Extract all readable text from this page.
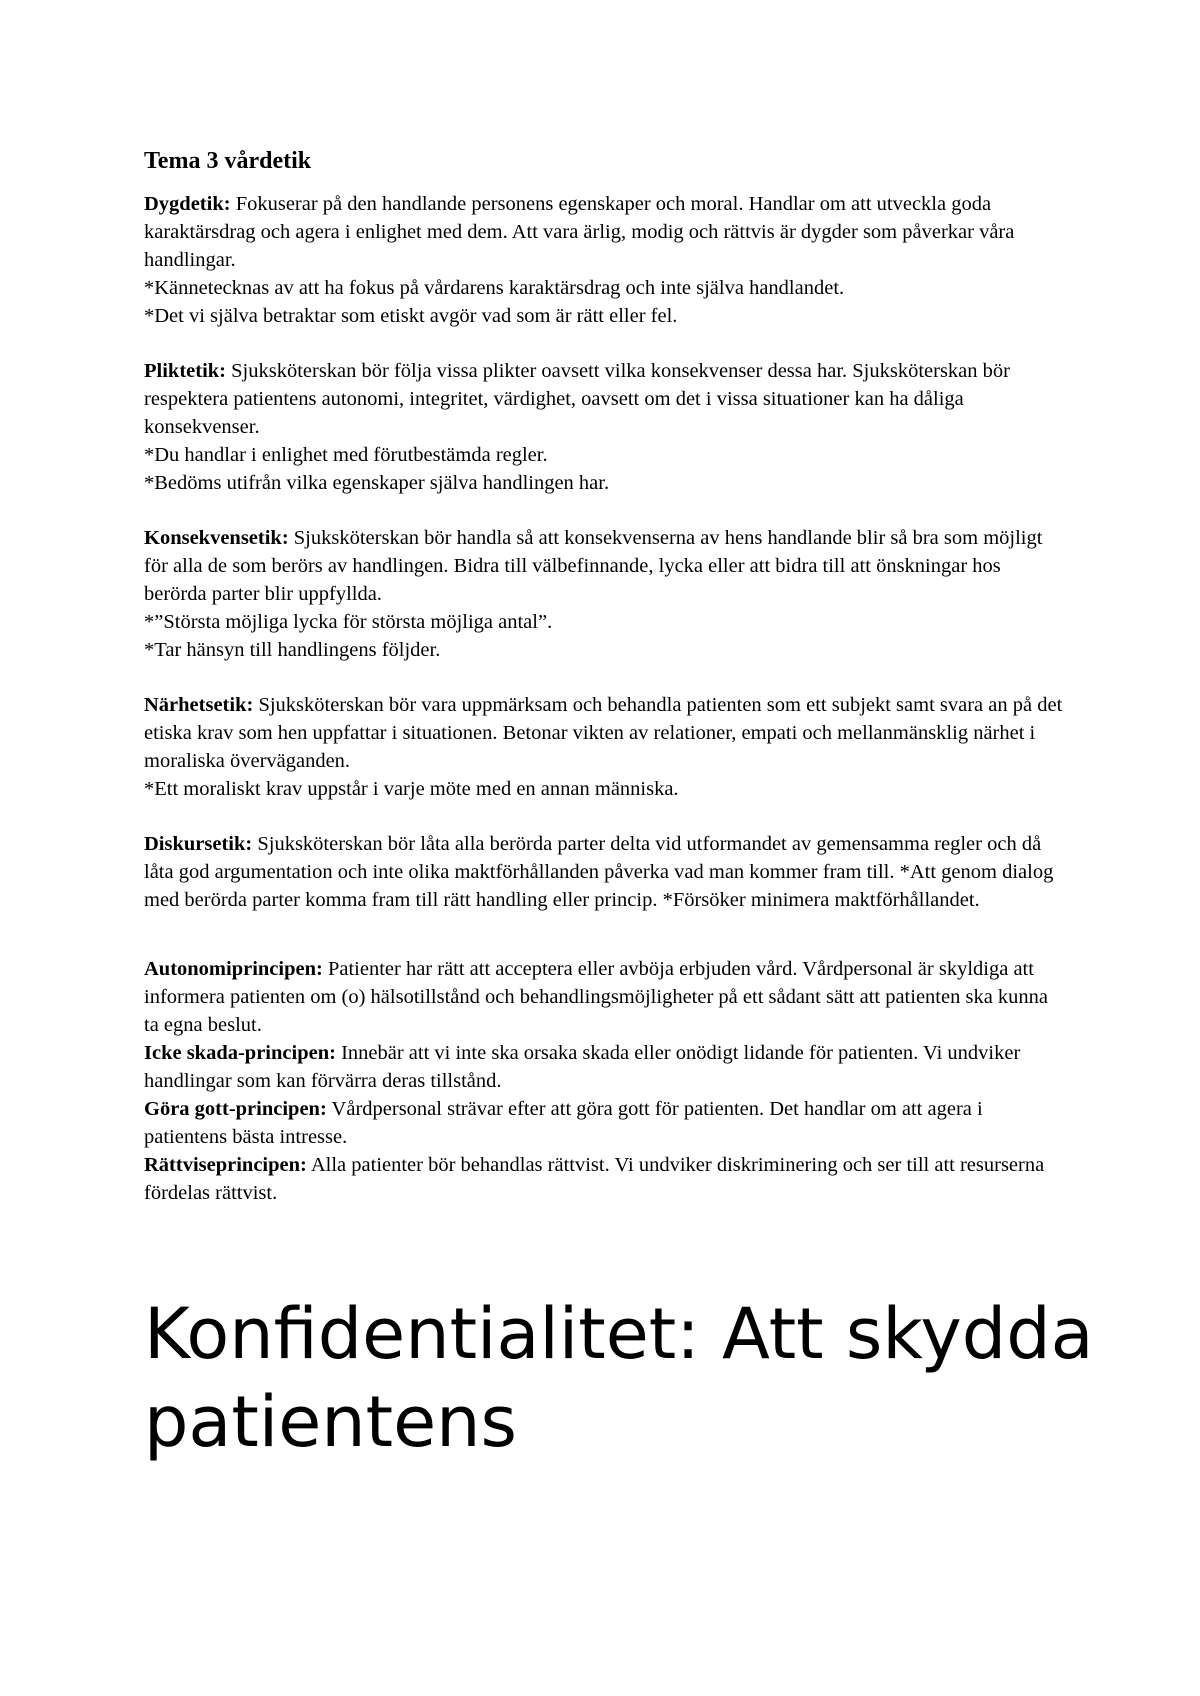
Tema 3 vårdetik

Dygdetik: Fokuserar på den handlande personens egenskaper och moral. Handlar om att utveckla goda karaktärsdrag och agera i enlighet med dem. Att vara ärlig, modig och rättvis är dygder som påverkar våra handlingar.

*Kännetecknas av att ha fokus på vårdarens karaktärsdrag och inte själva handlandet.

*Det vi själva betraktar som etiskt avgör vad som är rätt eller fel.

Pliktetik: Sjuksköterskan bör följa vissa plikter oavsett vilka konsekvenser dessa har. Sjuksköterskan bör respektera patientens autonomi, integritet, värdighet, oavsett om det i vissa situationer kan ha dåliga konsekvenser.

*Du handlar i enlighet med förutbestämda regler.

*Bedöms utifrån vilka egenskaper själva handlingen har.

Konsekvensetik: Sjuksköterskan bör handla så att konsekvenserna av hens handlande blir så bra som möjligt för alla de som berörs av handlingen. Bidra till välbefinnande, lycka eller att bidra till att önskningar hos berörda parter blir uppfyllda.

*”Största möjliga lycka för största möjliga antal”.

*Tar hänsyn till handlingens följder.

Närhetsetik: Sjuksköterskan bör vara uppmärksam och behandla patienten som ett subjekt samt svara an på det etiska krav som hen uppfattar i situationen. Betonar vikten av relationer, empati och mellanmänsklig närhet i moraliska överväganden.

*Ett moraliskt krav uppstår i varje möte med en annan människa.

Diskursetik: Sjuksköterskan bör låta alla berörda parter delta vid utformandet av gemensamma regler och då låta god argumentation och inte olika maktförhållanden påverka vad man kommer fram till. *Att genom dialog med berörda parter komma fram till rätt handling eller princip. *Försöker minimera maktförhållandet.

Autonomiprincipen: Patienter har rätt att acceptera eller avböja erbjuden vård. Vårdpersonal är skyldiga att informera patienten om (o) hälsotillstånd och behandlingsmöjligheter på ett sådant sätt att patienten ska kunna ta egna beslut.

Icke skada-principen: Innebär att vi inte ska orsaka skada eller onödigt lidande för patienten. Vi undviker handlingar som kan förvärra deras tillstånd.

Göra gott-principen: Vårdpersonal strävar efter att göra gott för patienten. Det handlar om att agera i patientens bästa intresse.

Rättviseprincipen: Alla patienter bör behandlas rättvist. Vi undviker diskriminering och ser till att resurserna fördelas rättvist.

Konfidentialitet: Att skydda patientens
